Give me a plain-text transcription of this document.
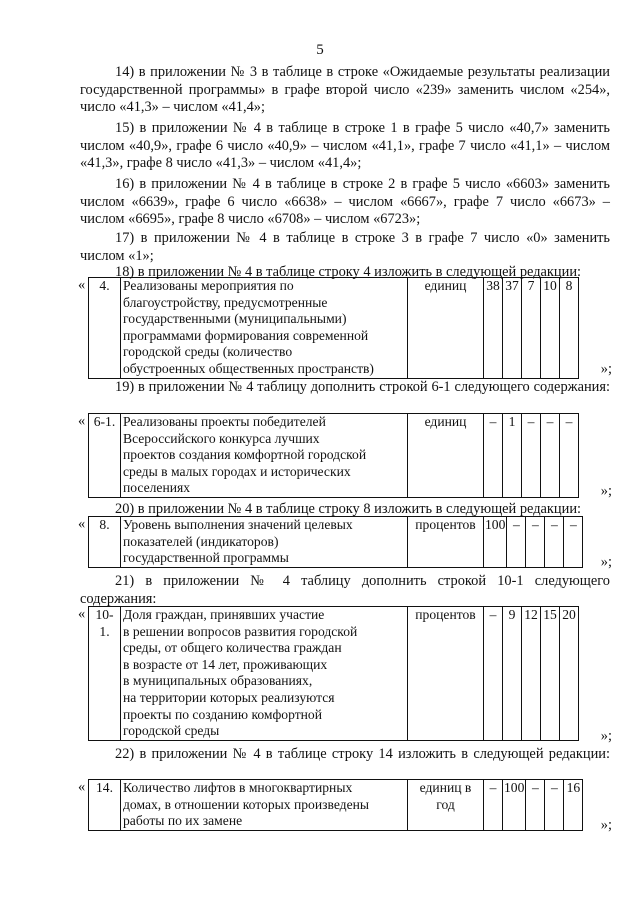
5
14) в приложении № 3 в таблице в строке «Ожидаемые результаты реализации государственной программы» в графе второй число «239» заменить числом «254», число «41,3» – числом «41,4»;
15) в приложении № 4 в таблице в строке 1 в графе 5 число «40,7» заменить числом «40,9», графе 6 число «40,9» – числом «41,1», графе 7 число «41,1» – числом «41,3», графе 8 число «41,3» – числом «41,4»;
16) в приложении № 4 в таблице в строке 2 в графе 5 число «6603» заменить числом «6639», графе 6 число «6638» – числом «6667», графе 7 число «6673» – числом «6695», графе 8 число «6708» – числом «6723»;
17) в приложении № 4 в таблице в строке 3 в графе 7 число «0» заменить числом «1»;
18) в приложении № 4 в таблице строку 4 изложить в следующей редакции:
« 4.	Реализованы мероприятия по
благоустройству, предусмотренные
государственными (муниципальными)
программами формирования современной
городской среды (количество
обустроенных общественных пространств)
	единиц	38	37	7	10	8
»;
19) в приложении № 4 таблицу дополнить строкой 6-1 следующего содержания:
« 6-1.	Реализованы проекты победителей
Всероссийского конкурса лучших
проектов создания комфортной городской
среды в малых городах и исторических
поселениях
	единиц	–	1	–	–	–
»;
20) в приложении № 4 в таблице строку 8 изложить в следующей редакции:
« 8.	Уровень выполнения значений целевых
показателей (индикаторов)
государственной программы
	процентов	100	–	–	–	–
»;
21) в приложении № 4 таблицу дополнить строкой 10-1 следующего содержания:
« 10-1.	
Доля граждан, принявших участие
в решении вопросов развития городской
среды, от общего количества граждан
в возрасте от 14 лет, проживающих
в муниципальных образованиях,
на территории которых реализуются
проекты по созданию комфортной
городской среды
	процентов	–	9	12	15	20
»;
22) в приложении № 4 в таблице строку 14 изложить в следующей редакции:
« 14.	Количество лифтов в многоквартирных
домах, в отношении которых произведены
работы по их замене
	единиц в год	–	100	–	–	16
»;
